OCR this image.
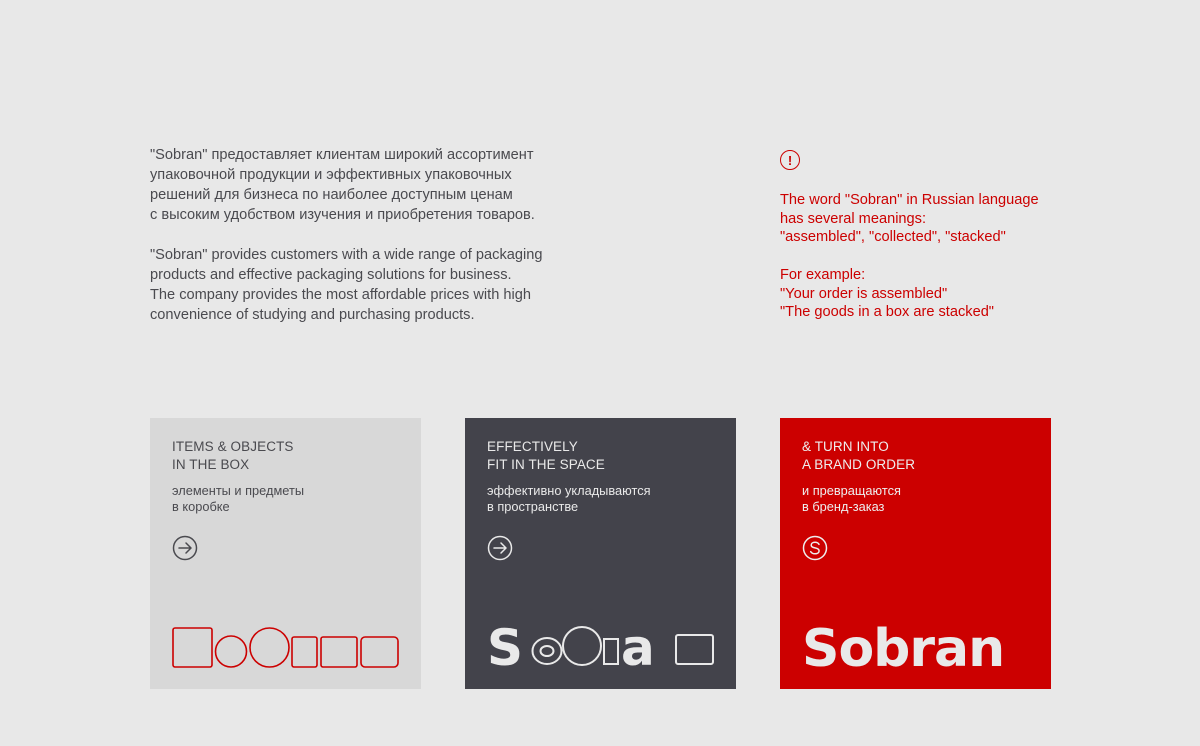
"Sobran" предоставляет клиентам широкий ассортимент
упаковочной продукции и эффективных упаковочных
решений для бизнеса по наиболее доступным ценам
с высоким удобством изучения и приобретения товаров.

"Sobran" provides customers with a wide range of packaging
products and effective packaging solutions for business.
The company provides the most affordable prices with high
convenience of studying and purchasing products.

!

The word "Sobran" in Russian language
has several meanings:
"assembled", "collected", "stacked"

For example:
"Your order is assembled"
"The goods in a box are stacked"

ITEMS & OBJECTS
IN THE BOX
элементы и предметы
в коробке
EFFECTIVELY
FIT IN THE SPACE
эффективно укладываются
в пространстве
S a
& TURN INTO
A BRAND ORDER
и превращаются
в бренд-заказ
Sobran
